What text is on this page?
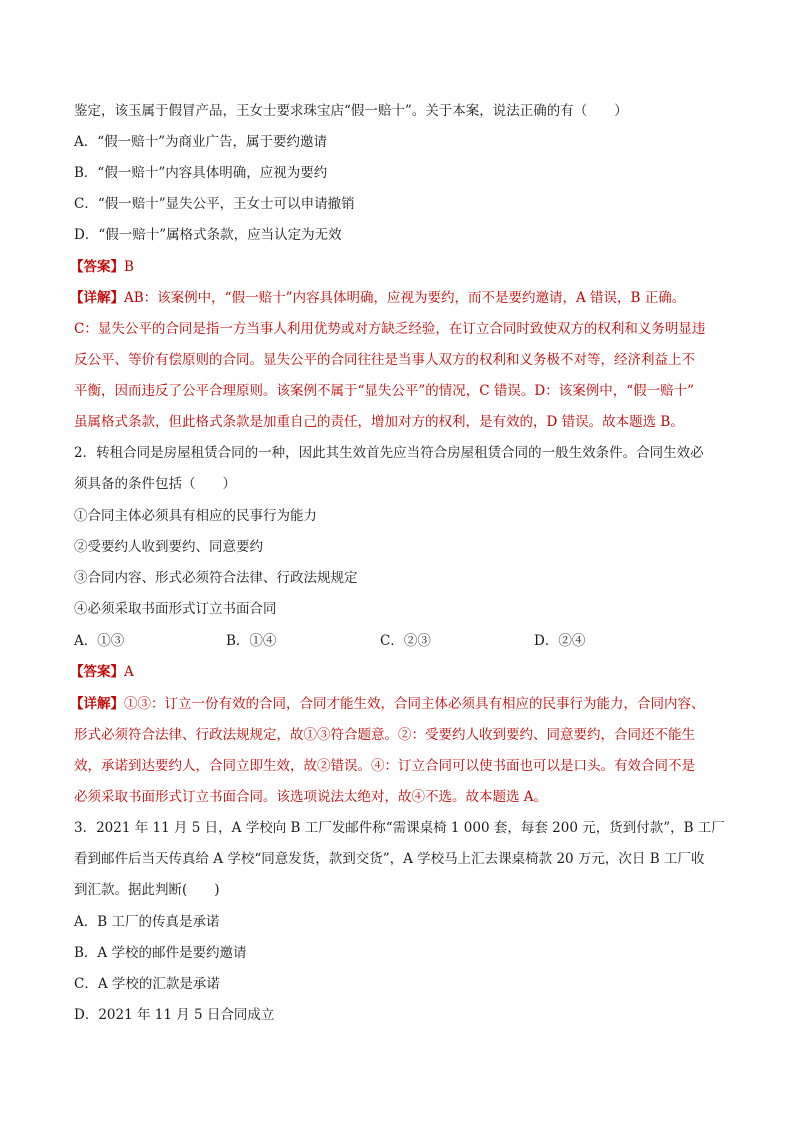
鉴定，该玉属于假冒产品，王女士要求珠宝店“假一赔十”。关于本案，说法正确的有（　　）
A．“假一赔十”为商业广告，属于要约邀请
B．“假一赔十”内容具体明确，应视为要约
C．“假一赔十”显失公平，王女士可以申请撤销
D．“假一赔十”属格式条款，应当认定为无效
【答案】B
【详解】AB：该案例中，“假一赔十”内容具体明确，应视为要约，而不是要约邀请，A 错误，B 正确。
C：显失公平的合同是指一方当事人利用优势或对方缺乏经验，在订立合同时致使双方的权利和义务明显违
反公平、等价有偿原则的合同。显失公平的合同往往是当事人双方的权利和义务极不对等，经济利益上不
平衡，因而违反了公平合理原则。该案例不属于“显失公平”的情况，C 错误。D：该案例中，“假一赔十”
虽属格式条款，但此格式条款是加重自己的责任，增加对方的权利，是有效的，D 错误。故本题选 B。
2．转租合同是房屋租赁合同的一种，因此其生效首先应当符合房屋租赁合同的一般生效条件。合同生效必
须具备的条件包括（　　）
①合同主体必须具有相应的民事行为能力
②受要约人收到要约、同意要约
③合同内容、形式必须符合法律、行政法规规定
④必须采取书面形式订立书面合同
A．①③	B．①④	C．②③	D．②④
【答案】A
【详解】①③：订立一份有效的合同，合同才能生效，合同主体必须具有相应的民事行为能力，合同内容、
形式必须符合法律、行政法规规定，故①③符合题意。②：受要约人收到要约、同意要约，合同还不能生
效，承诺到达要约人，合同立即生效，故②错误。④：订立合同可以使书面也可以是口头。有效合同不是
必须采取书面形式订立书面合同。该选项说法太绝对，故④不选。故本题选 A。
3．2021 年 11 月 5 日，A 学校向 B 工厂发邮件称“需课桌椅 1 000 套，每套 200 元，货到付款”，B 工厂
看到邮件后当天传真给 A 学校“同意发货，款到交货”，A 学校马上汇去课桌椅款 20 万元，次日 B 工厂收
到汇款。据此判断(　　)
A．B 工厂的传真是承诺
B．A 学校的邮件是要约邀请
C．A 学校的汇款是承诺
D．2021 年 11 月 5 日合同成立
